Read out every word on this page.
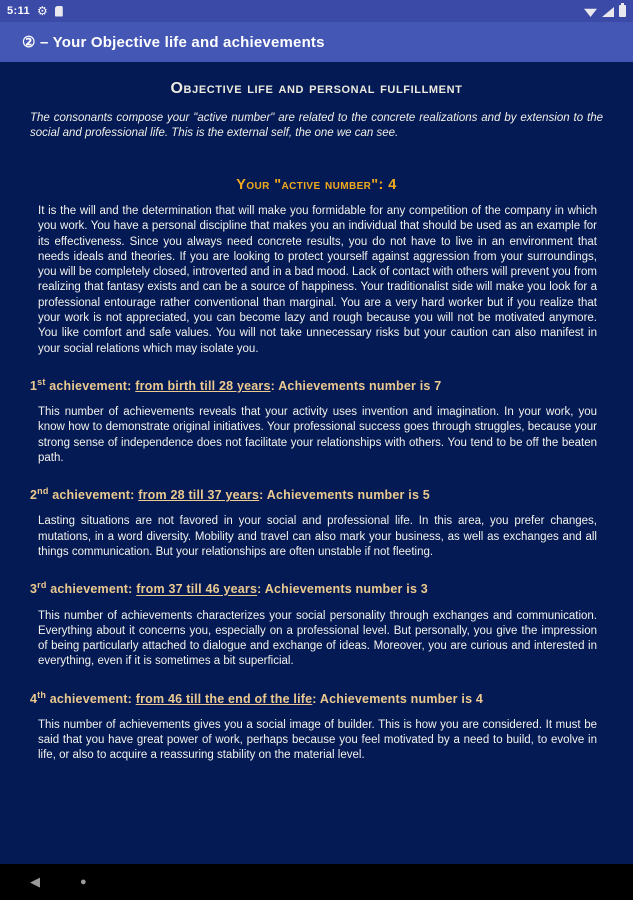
5:11 ⚙
② – Your Objective life and achievements
Objective life and personal fulfillment

The consonants compose your "active number" are related to the concrete realizations and by extension to the social and professional life. This is the external self, the one we can see.

Your "active number": 4

It is the will and the determination that will make you formidable for any competition of the company in which you work. You have a personal discipline that makes you an individual that should be used as an example for its effectiveness. Since you always need concrete results, you do not have to live in an environment that needs ideals and theories. If you are looking to protect yourself against aggression from your surroundings, you will be completely closed, introverted and in a bad mood. Lack of contact with others will prevent you from realizing that fantasy exists and can be a source of happiness. Your traditionalist side will make you look for a professional entourage rather conventional than marginal. You are a very hard worker but if you realize that your work is not appreciated, you can become lazy and rough because you will not be motivated anymore. You like comfort and safe values. You will not take unnecessary risks but your caution can also manifest in your social relations which may isolate you.

1st achievement: from birth till 28 years: Achievements number is 7

This number of achievements reveals that your activity uses invention and imagination. In your work, you know how to demonstrate original initiatives. Your professional success goes through struggles, because your strong sense of independence does not facilitate your relationships with others. You tend to be off the beaten path.

2nd achievement: from 28 till 37 years: Achievements number is 5

Lasting situations are not favored in your social and professional life. In this area, you prefer changes, mutations, in a word diversity. Mobility and travel can also mark your business, as well as exchanges and all things communication. But your relationships are often unstable if not fleeting.

3rd achievement: from 37 till 46 years: Achievements number is 3

This number of achievements characterizes your social personality through exchanges and communication. Everything about it concerns you, especially on a professional level. But personally, you give the impression of being particularly attached to dialogue and exchange of ideas. Moreover, you are curious and interested in everything, even if it is sometimes a bit superficial.

4th achievement: from 46 till the end of the life: Achievements number is 4

This number of achievements gives you a social image of builder. This is how you are considered. It must be said that you have great power of work, perhaps because you feel motivated by a need to build, to evolve in life, or also to acquire a reassuring stability on the material level.

◀	●
